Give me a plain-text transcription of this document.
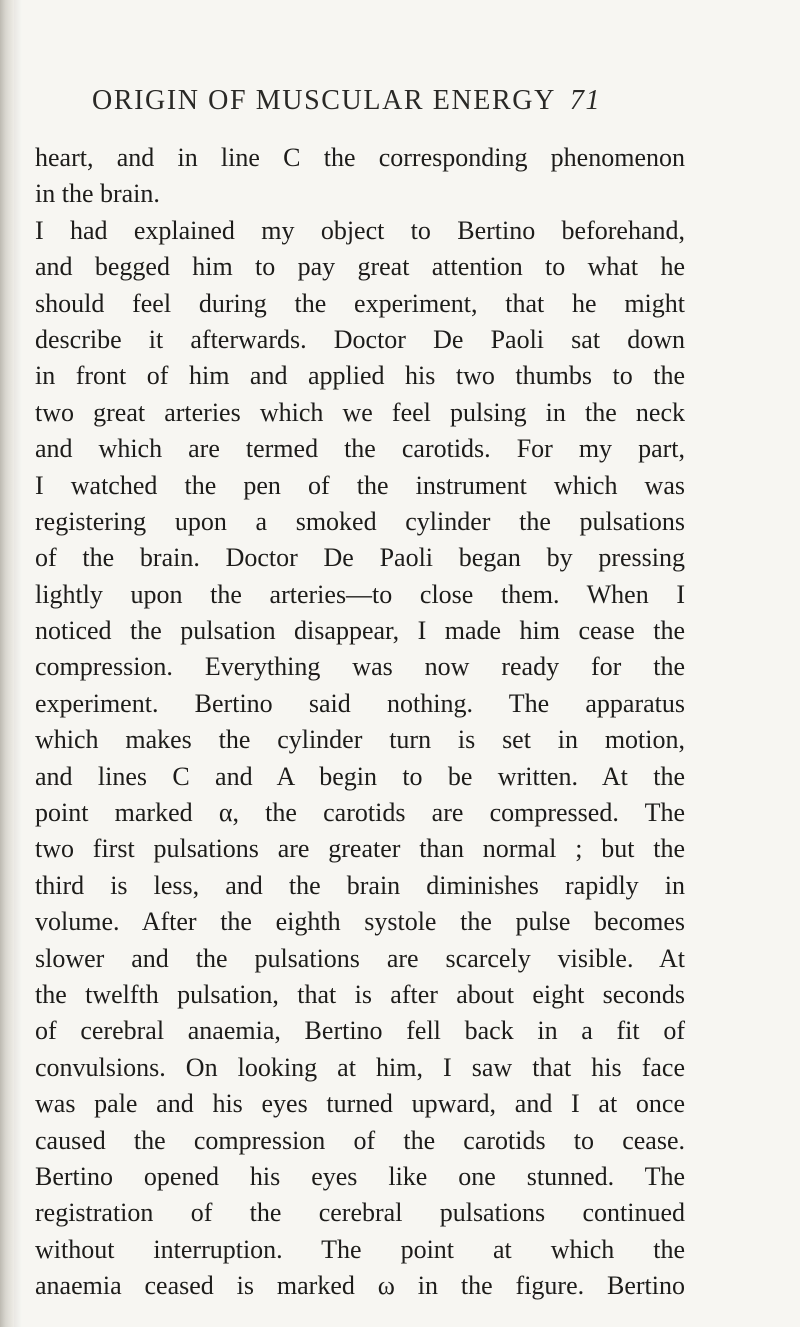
ORIGIN OF MUSCULAR ENERGY 71
heart, and in line C the corresponding phenomenon
in the brain.
I had explained my object to Bertino beforehand,
and begged him to pay great attention to what he
should feel during the experiment, that he might
describe it afterwards. Doctor De Paoli sat down
in front of him and applied his two thumbs to the
two great arteries which we feel pulsing in the neck
and which are termed the carotids. For my part,
I watched the pen of the instrument which was
registering upon a smoked cylinder the pulsations
of the brain. Doctor De Paoli began by pressing
lightly upon the arteries—to close them. When I
noticed the pulsation disappear, I made him cease the
compression. Everything was now ready for the
experiment. Bertino said nothing. The apparatus
which makes the cylinder turn is set in motion,
and lines C and A begin to be written. At the
point marked α, the carotids are compressed. The
two first pulsations are greater than normal ; but the
third is less, and the brain diminishes rapidly in
volume. After the eighth systole the pulse becomes
slower and the pulsations are scarcely visible. At
the twelfth pulsation, that is after about eight seconds
of cerebral anaemia, Bertino fell back in a fit of
convulsions. On looking at him, I saw that his face
was pale and his eyes turned upward, and I at once
caused the compression of the carotids to cease.
Bertino opened his eyes like one stunned. The
registration of the cerebral pulsations continued
without interruption. The point at which the
anaemia ceased is marked ω in the figure. Bertino
